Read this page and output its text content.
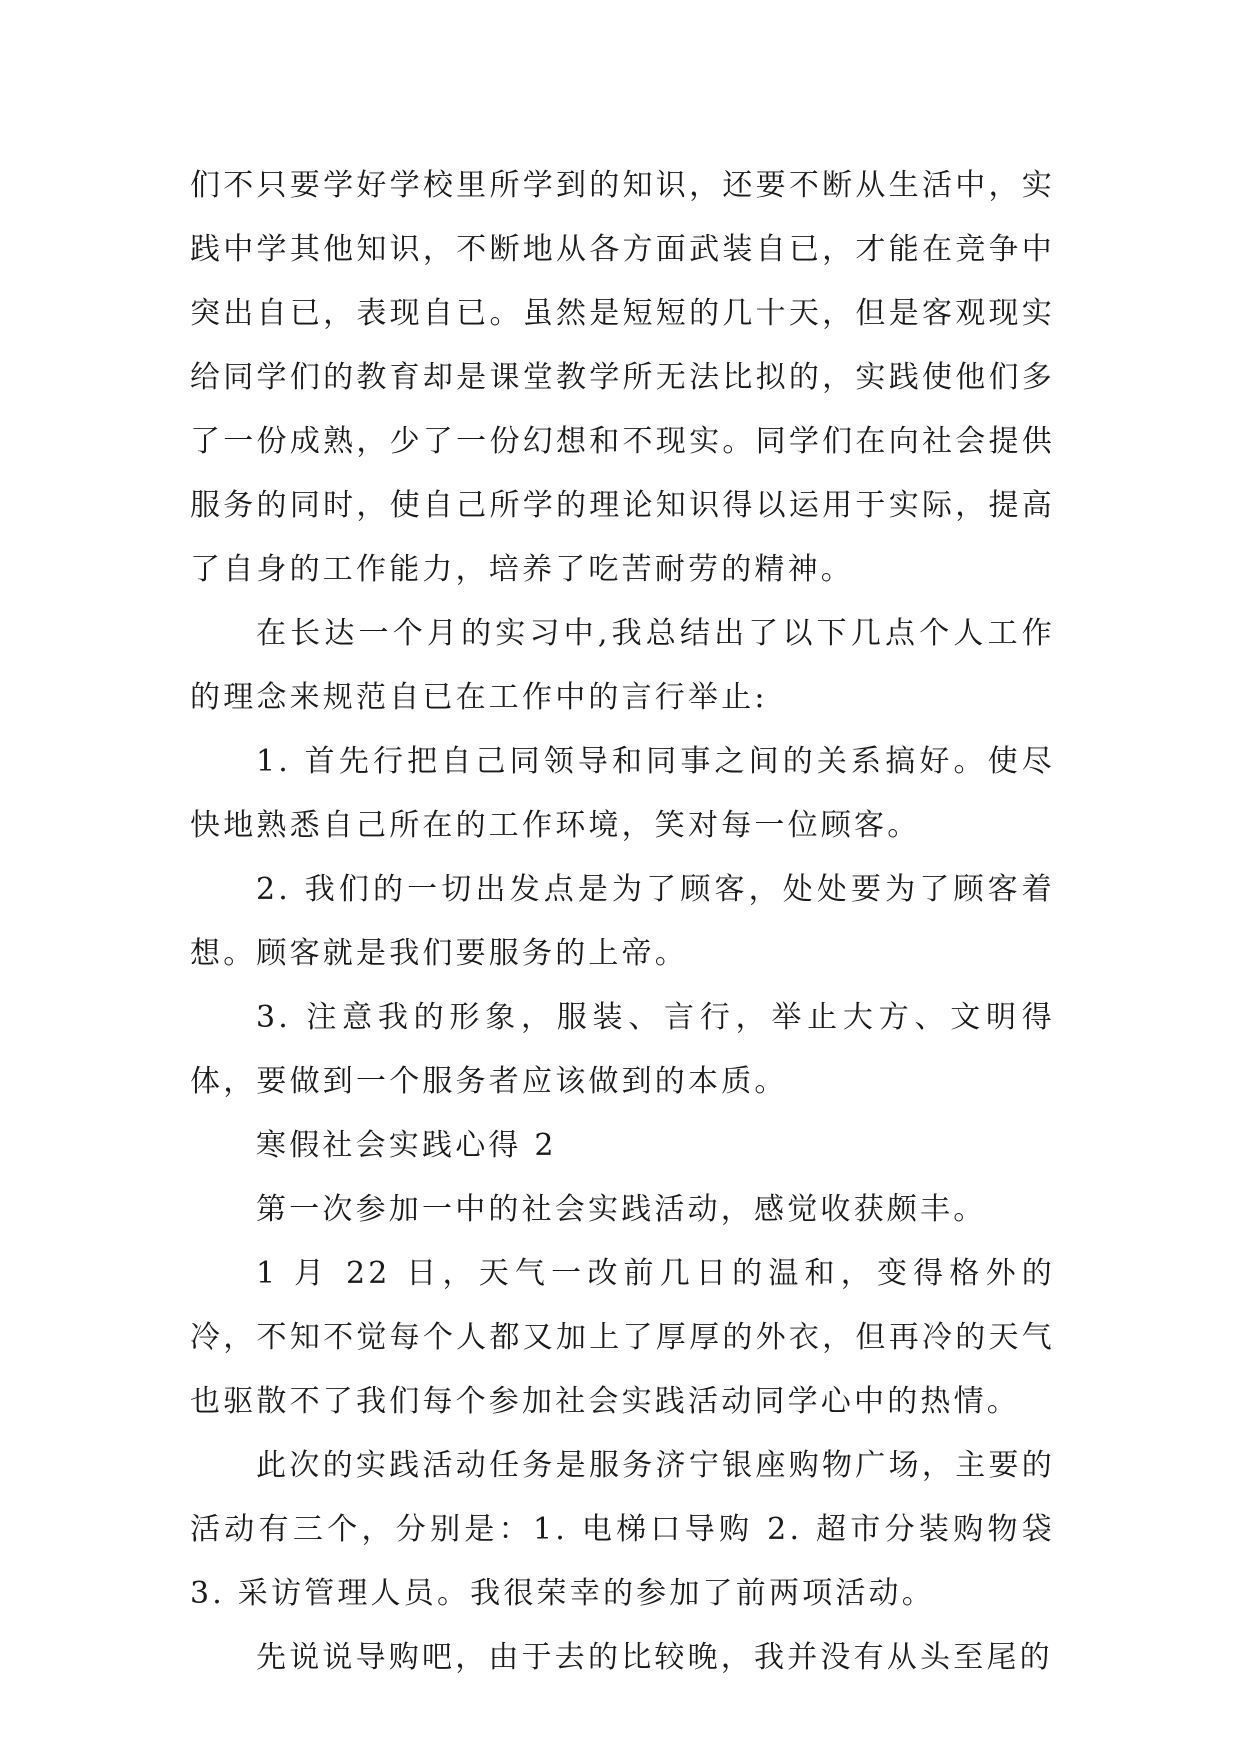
们不只要学好学校里所学到的知识，还要不断从生活中，实践中学其他知识，不断地从各方面武装自已，才能在竞争中突出自已，表现自已。虽然是短短的几十天，但是客观现实给同学们的教育却是课堂教学所无法比拟的，实践使他们多了一份成熟，少了一份幻想和不现实。同学们在向社会提供服务的同时，使自己所学的理论知识得以运用于实际，提高了自身的工作能力，培养了吃苦耐劳的精神。

在长达一个月的实习中,我总结出了以下几点个人工作的理念来规范自已在工作中的言行举止:

1. 首先行把自己同领导和同事之间的关系搞好。使尽快地熟悉自己所在的工作环境，笑对每一位顾客。

2. 我们的一切出发点是为了顾客，处处要为了顾客着想。顾客就是我们要服务的上帝。

3. 注意我的形象，服装、言行，举止大方、文明得体，要做到一个服务者应该做到的本质。

寒假社会实践心得 2

第一次参加一中的社会实践活动，感觉收获颇丰。

1 月 22 日，天气一改前几日的温和，变得格外的冷，不知不觉每个人都又加上了厚厚的外衣，但再冷的天气也驱散不了我们每个参加社会实践活动同学心中的热情。

此次的实践活动任务是服务济宁银座购物广场，主要的活动有三个，分别是：1. 电梯口导购 2. 超市分装购物袋 3. 采访管理人员。我很荣幸的参加了前两项活动。

先说说导购吧，由于去的比较晚，我并没有从头至尾的
